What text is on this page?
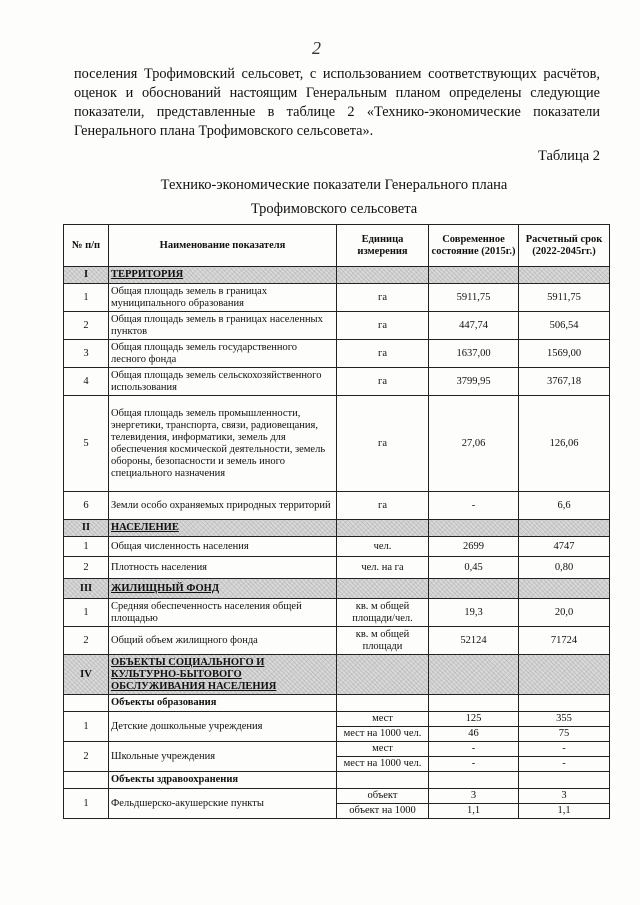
2

поселения Трофимовский сельсовет, с использованием соответствующих расчётов, оценок и обоснований настоящим Генеральным планом определены следующие показатели, представленные в таблице 2 «Технико-экономические показатели Генерального плана Трофимовского сельсовета».

Таблица 2
Технико-экономические показатели Генерального плана
Трофимовского сельсовета
№ п/п	Наименование показателя	Единица измерения	Современное состояние (2015г.)	Расчетный срок (2022-2045гг.)
I	ТЕРРИТОРИЯ			
1	Общая площадь земель в границах муниципального образования	га	5911,75	5911,75
2	Общая площадь земель в границах населенных пунктов	га	447,74	506,54
3	Общая площадь земель государственного лесного фонда	га	1637,00	1569,00
4	Общая площадь земель сельскохозяйственного использования	га	3799,95	3767,18
5	Общая площадь земель промышленности, энергетики, транспорта, связи, радиовещания, телевидения, информатики, земель для обеспечения космической деятельности, земель обороны, безопасности и земель иного специального назначения	га	27,06	126,06
6	Земли особо охраняемых природных территорий	га	-	6,6
II	НАСЕЛЕНИЕ			
1	Общая численность населения	чел.	2699	4747
2	Плотность населения	чел. на га	0,45	0,80
III	ЖИЛИЩНЫЙ ФОНД			
1	Средняя обеспеченность населения общей площадью	кв. м общей площади/чел.	19,3	20,0
2	Общий объем жилищного фонда	кв. м общей площади	52124	71724
IV	ОБЪЕКТЫ СОЦИАЛЬНОГО И КУЛЬТУРНО-БЫТОВОГО ОБСЛУЖИВАНИЯ НАСЕЛЕНИЯ			
	Объекты образования			
1	Детские дошкольные учреждения	мест	125	355
		мест на 1000 чел.	46	75
2	Школьные учреждения	мест	-	-
		мест на 1000 чел.	-	-
	Объекты здравоохранения			
1	Фельдшерско-акушерские пункты	объект	3	3
		объект на 1000	1,1	1,1
